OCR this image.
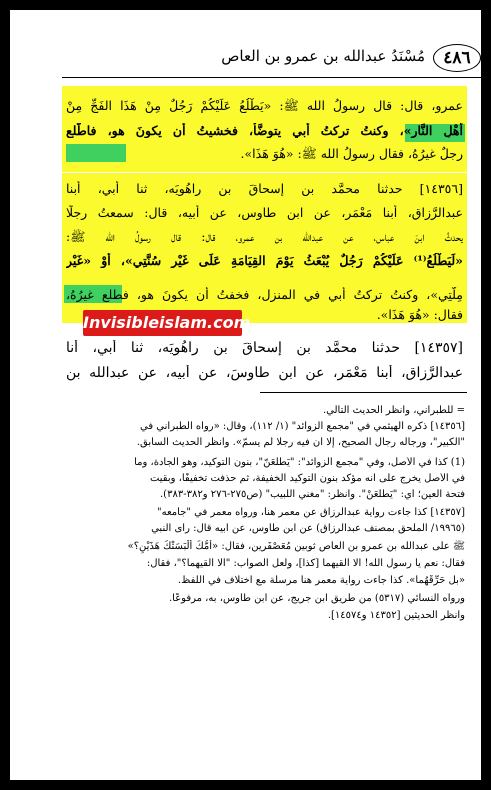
٤٨٦
مُسْنَدُ عبدالله بن عمرو بن العاص
عمرو، قال: قال رسولُ الله ﷺ: «يَطْلُعُ عَلَيْكُمْ رَجُلٌ مِنْ هَذَا الفَجِّ مِنْ
أَهْلِ النَّارِ»، وكنتُ تركتُ أبي يتوضَّأ، فخشيتُ أن يكونَ هو، فاطّلع
رجلٌ غيرُهُ، فقال رسولُ الله ﷺ: «هُوَ هَذَا».
[١٤٣٥٦] حدثنا محمَّد بن إسحاقَ بن راهُويَه، ثنا أبي، أبنا
عبدالرَّزاق، أبنا مَعْمَر، عن ابن طاوس، عن أبيه، قال: سمعتُ رجلًا
يحدثُ ابنَ عباس، عن عبدالله بن عمرو، قال: قال رسولُ الله ﷺ:
«لَيَطْلُعُ⁽¹⁾ عَلَيْكُمْ رَجُلٌ يُبْعَثُ يَوْمَ القِيَامَةِ عَلَى غَيْرِ سُنَّتِي»، أَوْ «غَيْرِ
مِلَّتِي»، وكنتُ تركتُ أبي في المنزل، فخفتُ أن يكونَ هو، فطلع غيرُهُ،
فقال: «هُوَ هَذَا».
[١٤٣٥٧] حدثنا محمَّد بن إسحاقَ بن راهُويَه، ثنا أبي، أنا
عبدالرَّزاق، أبنا مَعْمَر، عن ابن طاوسَ، عن أبيه، عن عبدالله بن
Invisibleislam.com
= للطبراني، وانظر الحديث التالي.
[١٤٣٥٦] ذكره الهيثمي في "مجمع الزوائد" (١/ ١١٢)، وقال: «رواه الطبراني في
"الكبير"، ورجاله رجال الصحيح، إلا أن فيه رجلًا لم يسمّ». وانظر الحديث السابق.
(1) كذا في الأصل، وفي "مجمع الزوائد": "يَطْلُعَنّ"، بنون التوكيد، وهو الجادة، وما
في الأصل يخرج على أنه مؤكد بنون التوكيد الخفيفة، ثم حذفت تخفيفًا، وبقيت
فتحة العين؛ أي: "يَطْلُعَنْ". وانظر: "مغني اللبيب" (ص٢٧٥-٢٧٦ و٣٨٢-٣٨٣).
[١٤٣٥٧] كذا جاءت رواية عبدالرزاق عن معمر هنا، ورواه معمر في "جامعه"
(١٩٩٦٥/ الملحق بمصنف عبدالرزاق) عن ابن طاوس، عن أبيه قال: رأى النبي
ﷺ على عبدالله بن عمرو بن العاص ثوبين مُعَصْفَرين، فقال: «أُمُّكَ أَلْبَسَتْكَ هَذَيْنِ؟»
فقال: نعم يا رسول الله! ألا أُلْقيهما [كذا]، ولعل الصواب: "ألا أُلْقيهما؟"، فقال:
«بل حَرِّقْهُما». كذا جاءت رواية معمر هنا مرسلة مع اختلاف في اللفظ.
ورواه النسائي (٥٣١٧) من طريق ابن جريج، عن ابن طاوس، به، مرفوعًا.
وانظر الحديثين [١٤٣٥٢ و١٤٥٧٤].
